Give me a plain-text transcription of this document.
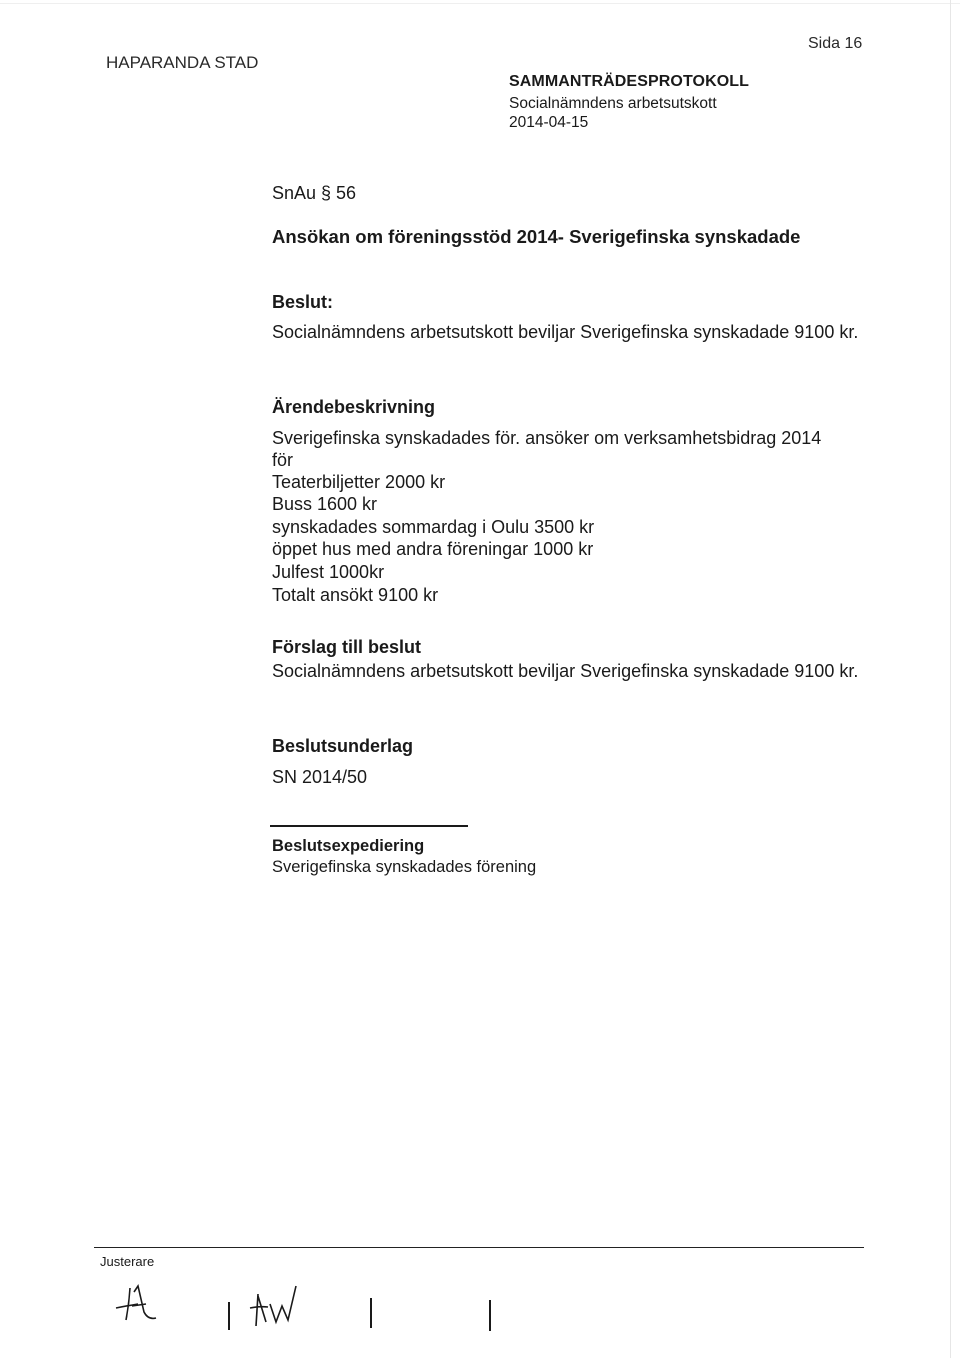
HAPARANDA STAD
Sida 16
SAMMANTRÄDESPROTOKOLL
Socialnämndens arbetsutskott
2014-04-15
SnAu § 56
Ansökan om föreningsstöd 2014- Sverigefinska synskadade
Beslut:
Socialnämndens arbetsutskott beviljar Sverigefinska synskadade 9100 kr.
Ärendebeskrivning
Sverigefinska synskadades för. ansöker om verksamhetsbidrag 2014
för
Teaterbiljetter 2000 kr
Buss 1600 kr
synskadades sommardag i Oulu 3500 kr
öppet hus med andra föreningar 1000 kr
Julfest 1000kr
Totalt ansökt 9100 kr
Förslag till beslut
Socialnämndens arbetsutskott beviljar Sverigefinska synskadade 9100 kr.
Beslutsunderlag
SN 2014/50
Beslutsexpediering
Sverigefinska synskadades förening
Justerare
